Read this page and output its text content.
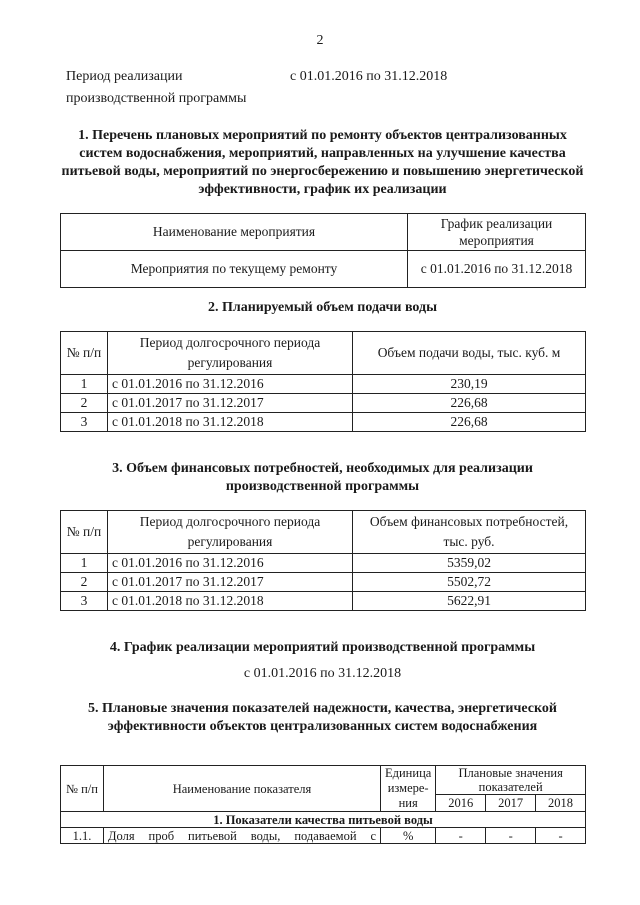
2
Период реализации производственной программы
с 01.01.2016 по 31.12.2018
1. Перечень плановых мероприятий по ремонту объектов централизованных систем водоснабжения, мероприятий, направленных на улучшение качества питьевой воды, мероприятий по энергосбережению и повышению энергетической эффективности, график их реализации
Наименование мероприятия	График реализации мероприятия
Мероприятия по текущему ремонту	с 01.01.2016 по 31.12.2018
2. Планируемый объем подачи воды
№ п/п	Период долгосрочного периода регулирования	Объем подачи воды, тыс. куб. м
1	с 01.01.2016 по 31.12.2016	230,19
2	с 01.01.2017 по 31.12.2017	226,68
3	с 01.01.2018 по 31.12.2018	226,68
3. Объем финансовых потребностей, необходимых для реализации производственной программы
№ п/п	Период долгосрочного периода регулирования	Объем финансовых потребностей, тыс. руб.
1	с 01.01.2016 по 31.12.2016	5359,02
2	с 01.01.2017 по 31.12.2017	5502,72
3	с 01.01.2018 по 31.12.2018	5622,91
4. График реализации мероприятий производственной программы
с 01.01.2016 по 31.12.2018
5. Плановые значения показателей надежности, качества, энергетической эффективности объектов централизованных систем водоснабжения
№ п/п	Наименование показателя	Единица измере-ния	Плановые значения показателей		
			2016	2017	2018
1. Показатели качества питьевой воды					
1.1.	Доля проб питьевой воды, подаваемой с	%	-	-	-
